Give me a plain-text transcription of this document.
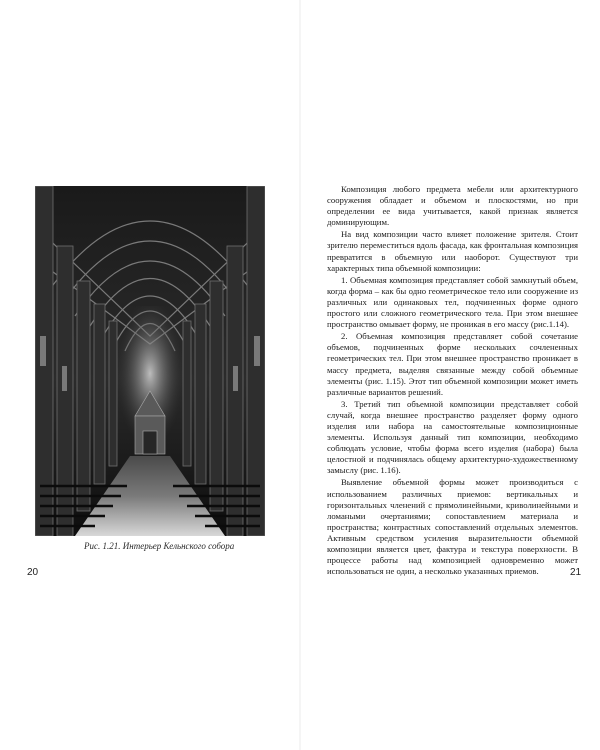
Рис. 1.21. Интерьер Кельнского собора
20

Композиция любого предмета мебели или архитектурного сооружения обладает и объемом и плоскостями, но при определении ее вида учитывается, какой признак является доминирующим.

На вид композиции часто влияет положение зрителя. Стоит зрителю переместиться вдоль фасада, как фронтальная композиция превратится в объемную или наоборот. Существуют три характерных типа объемной композиции:

1. Объемная композиция представляет собой замкнутый объем, когда форма – как бы одно геометрическое тело или сооружение из различных или одинаковых тел, подчиненных форме одного простого или сложного геометрического тела. При этом внешнее пространство омывает форму, не проникая в его массу (рис.1.14).

2. Объемная композиция представляет собой сочетание объемов, подчиненных форме нескольких сочлененных геометрических тел. При этом внешнее пространство проникает в массу предмета, выделяя связанные между собой объемные элементы (рис. 1.15). Этот тип объемной композиции может иметь различные вариантов решений.

3. Третий тип объемной композиции представляет собой случай, когда внешнее пространство разделяет форму одного изделия или набора на самостоятельные композиционные элементы. Используя данный тип композиции, необходимо соблюдать условие, чтобы форма всего изделия (набора) была целостной и подчинялась общему архитектурно-художественному замыслу (рис. 1.16).

Выявление объемной формы может производиться с использованием различных приемов: вертикальных и горизонтальных членений с прямолинейными, криволинейными и ломаными очертаниями; сопоставлением материала и пространства; контрастных сопоставлений отдельных элементов. Активным средством усиления выразительности объемной композиции является цвет, фактура и текстура поверхности. В процессе работы над композицией одновременно может использоваться не один, а несколько указанных приемов.	21
